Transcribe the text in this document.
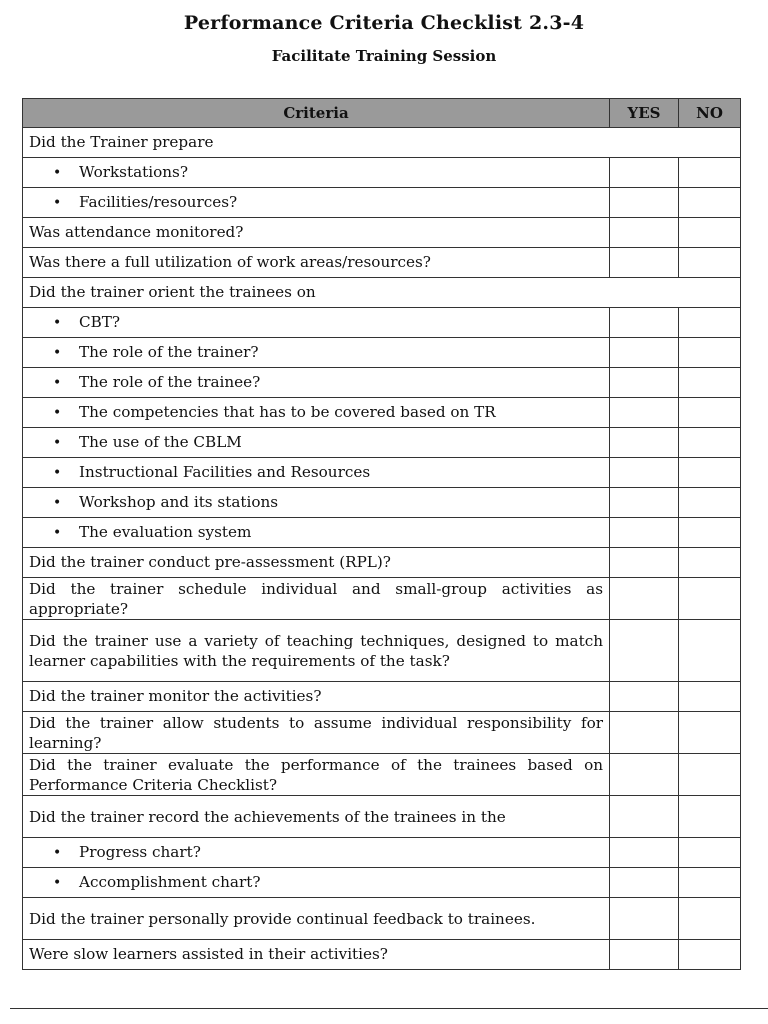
Performance Criteria Checklist 2.3-4
Facilitate Training Session
Criteria	YES	NO
Did the Trainer prepare		
• Workstations?		
• Facilities/resources?		
Was attendance monitored?		
Was there a full utilization of work areas/resources?		
Did the trainer orient the trainees on		
• CBT?		
• The role of the trainer?		
• The role of the trainee?		
• The competencies that has to be covered based on TR		
• The use of the CBLM		
• Instructional Facilities and Resources		
• Workshop and its stations		
• The evaluation system		
Did the trainer conduct pre-assessment (RPL)?		
Did the trainer schedule individual and small-group activities as appropriate?		
Did the trainer use a variety of teaching techniques, designed to match learner capabilities with the requirements of the task?		
Did the trainer monitor the activities?		
Did the trainer allow students to assume individual responsibility for learning?		
Did the trainer evaluate the performance of the trainees based on Performance Criteria Checklist?		
Did the trainer record the achievements of the trainees in the		
• Progress chart?		
• Accomplishment chart?		
Did the trainer personally provide continual feedback to trainees.		
Were slow learners assisted in their activities?		
